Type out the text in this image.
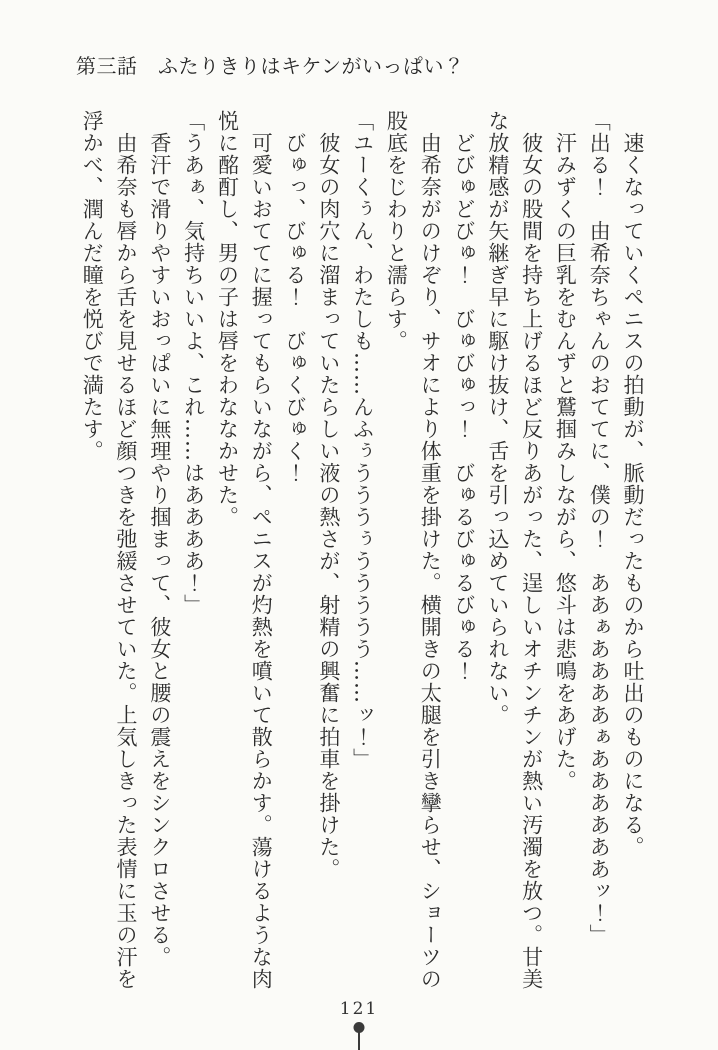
第三話　ふたりきりはキケンがいっぱい？

　速くなっていくペニスの拍動が、脈動だったものから吐出のものになる。

「出る！　由希奈ちゃんのおててに、僕の！　ああぁああああぁああああああッ！」

　汗みずくの巨乳をむんずと鷲掴みしながら、悠斗は悲鳴をあげた。

　彼女の股間を持ち上げるほど反りあがった、逞しいオチンチンが熱い汚濁を放つ。甘美

な放精感が矢継ぎ早に駆け抜け、舌を引っ込めていられない。

　どびゅどびゅ！　びゅびゅっ！　びゅるびゅるびゅる！

　由希奈がのけぞり、サオにより体重を掛けた。横開きの太腿を引き攣らせ、ショーツの

股底をじわりと濡らす。

「ユーくぅん、わたしも……んふぅうううぅううううう……ッ！」

　彼女の肉穴に溜まっていたらしい液の熱さが、射精の興奮に拍車を掛けた。

　びゅっ、びゅる！　びゅくびゅく！

　可愛いおててに握ってもらいながら、ペニスが灼熱を噴いて散らかす。蕩けるような肉

悦に酩酊し、男の子は唇をわななかせた。

「うあぁ、気持ちいいよ、これ……はああああ！」

　香汗で滑りやすいおっぱいに無理やり掴まって、彼女と腰の震えをシンクロさせる。

　由希奈も唇から舌を見せるほど顔つきを弛緩させていた。上気しきった表情に玉の汗を

浮かべ、潤んだ瞳を悦びで満たす。

121
